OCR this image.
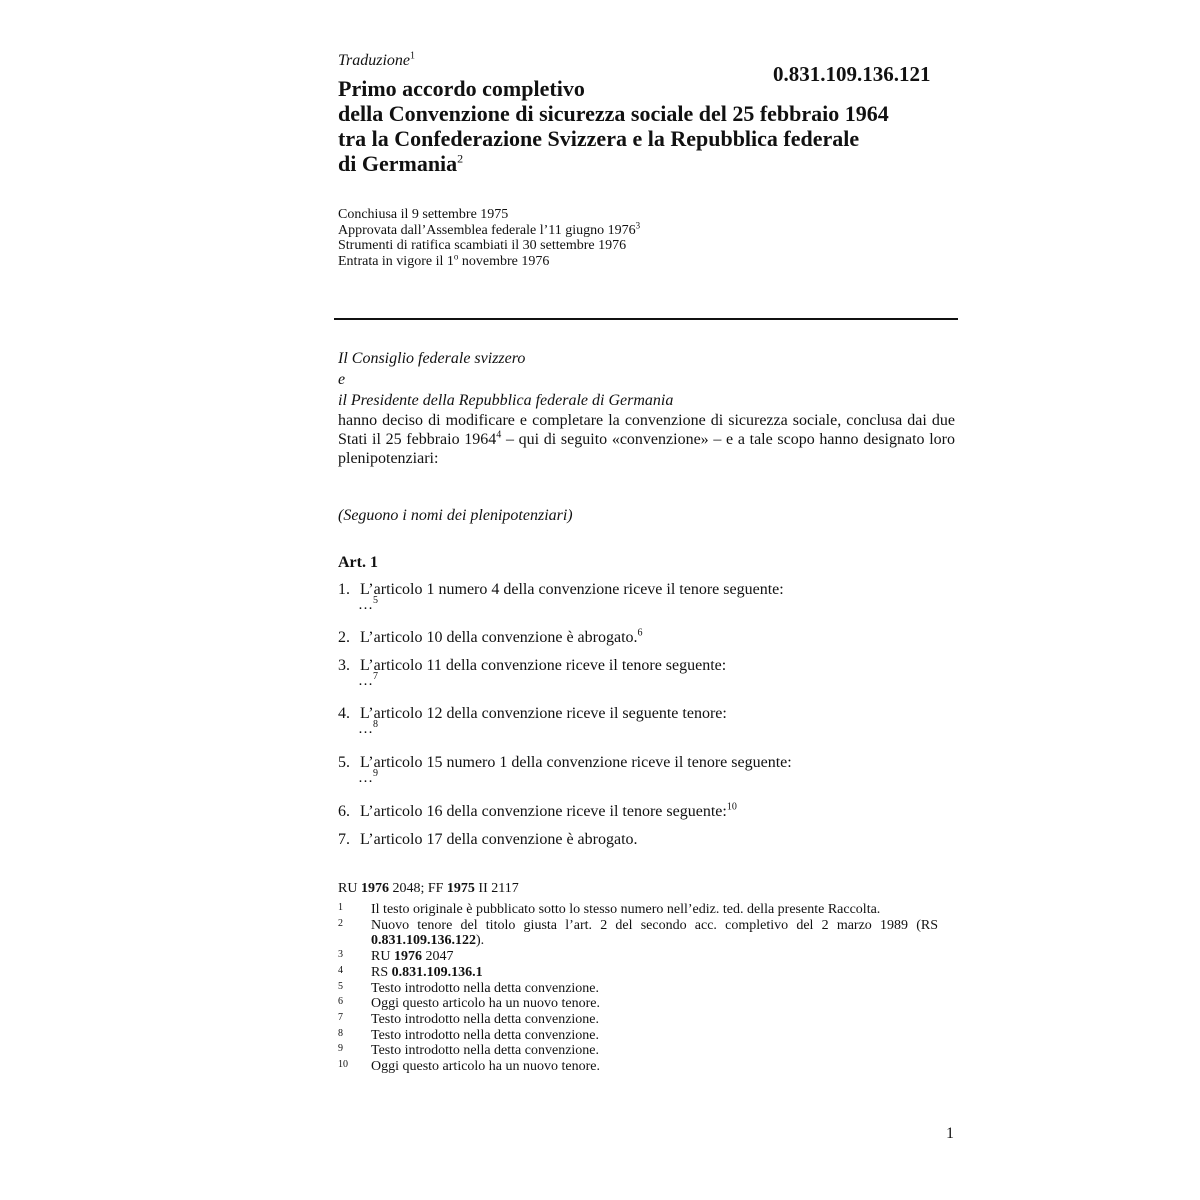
Traduzione$^1$
0.831.109.136.121
Primo accordo completivo
della Convenzione di sicurezza sociale del 25 febbraio 1964
tra la Confederazione Svizzera e la Repubblica federale
di Germania$^2$
Conchiusa il 9 settembre 1975
Approvata dall’Assemblea federale l’11 giugno 1976$^3$
Strumenti di ratifica scambiati il 30 settembre 1976
Entrata in vigore il 1$^o$ novembre 1976
Il Consiglio federale svizzero
e
il Presidente della Repubblica federale di Germania
hanno deciso di modificare e completare la convenzione di sicurezza sociale, conclusa dai due Stati il 25 febbraio 1964$^4$ – qui di seguito «convenzione» – e a tale scopo hanno designato loro plenipotenziari:
(Seguono i nomi dei plenipotenziari)
Art. 1
1. L’articolo 1 numero 4 della convenzione riceve il tenore seguente:
…$^5$
2. L’articolo 10 della convenzione è abrogato.$^6$
3. L’articolo 11 della convenzione riceve il tenore seguente:
…$^7$
4. L’articolo 12 della convenzione riceve il seguente tenore:
…$^8$
5. L’articolo 15 numero 1 della convenzione riceve il tenore seguente:
…$^9$
6. L’articolo 16 della convenzione riceve il tenore seguente:$^{10}$
7. L’articolo 17 della convenzione è abrogato.
RU 1976 2048; FF 1975 II 2117
1	Il testo originale è pubblicato sotto lo stesso numero nell’ediz. ted. della presente Raccolta.
2	Nuovo tenore del titolo giusta l’art. 2 del secondo acc. completivo del 2 marzo 1989 (RS 0.831.109.136.122).
3	RU 1976 2047
4	RS 0.831.109.136.1
5	Testo introdotto nella detta convenzione.
6	Oggi questo articolo ha un nuovo tenore.
7	Testo introdotto nella detta convenzione.
8	Testo introdotto nella detta convenzione.
9	Testo introdotto nella detta convenzione.
10	Oggi questo articolo ha un nuovo tenore.
1
